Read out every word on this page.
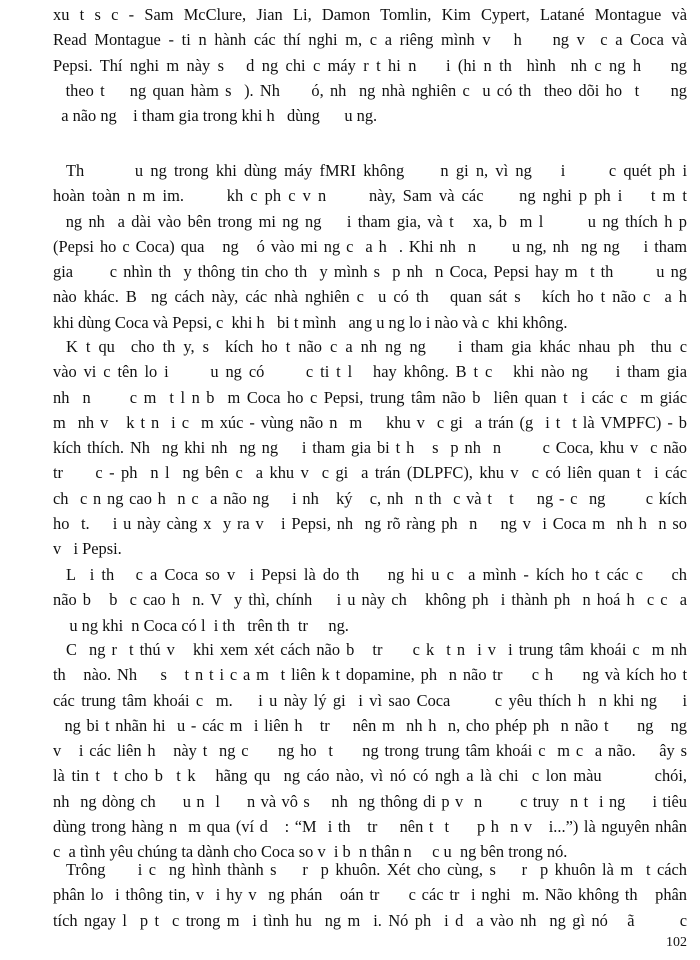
xu t s c - Sam McClure, Jian Li, Damon Tomlin, Kim Cypert, Latané Montague và
Read Montague - ti n hành các thí nghi m, c a riêng mình v   h    ng v  c a Coca và
Pepsi. Thí nghi m này s   d ng chi c máy r t hi n    i (hi n th  hình  nh c ng h    ng
theo t    ng quan hàm s  ). Nh     ó, nh  ng nhà nghiên c  u có th  theo dõi ho  t     ng
a não ng    i tham gia trong khi h   dùng      u ng.
Th       u ng trong khi dùng máy fMRI không     n gi n, vì ng    i      c quét ph i
hoàn toàn n m im.      kh c ph c v n      này, Sam và các     ng nghi p ph i    t m t
ng nh  a dài vào bên trong mi ng ng    i tham gia, và t   xa, b  m l       u ng thích h p
(Pepsi ho c Coca) qua   ng   ó vào mi ng c  a h  . Khi nh  n      u ng, nh  ng ng    i tham
gia      c nhìn th  y thông tin cho th  y mình s  p nh  n Coca, Pepsi hay m  t th       u ng
nào khác. B  ng cách này, các nhà nghiên c  u có th   quan sát s   kích ho t não c  a h
khi dùng Coca và Pepsi, c  khi h   bi t mình   ang u ng lo i nào và c  khi không.
K t qu  cho th y, s  kích ho t não c a nh ng ng    i tham gia khác nhau ph  thu c
vào vi c tên lo i      u ng có      c ti t l   hay không. B t c   khi nào ng    i tham gia
nh  n      c m  t l n b  m Coca ho c Pepsi, trung tâm não b  liên quan t  i các c  m giác
m  nh v   k t n  i c  m xúc - vùng não n  m    khu v  c gi  a trán (g  i t  t là VMPFC) - b
kích thích. Nh  ng khi nh  ng ng    i tham gia bi t h   s  p nh  n       c Coca, khu v  c não
tr     c - ph  n l  ng bên c  a khu v  c gi  a trán (DLPFC), khu v  c có liên quan t  i các
ch  c n ng cao h  n c  a não ng    i nh   ký   c, nh  n th  c và t   t    ng - c  ng       c kích
ho  t.    i u này càng x  y ra v   i Pepsi, nh  ng rõ ràng ph  n    ng v  i Coca m  nh h  n so
v   i Pepsi.
L  i th   c a Coca so v  i Pepsi là do th    ng hi u c  a mình - kích ho t các c    ch
não b   b  c cao h  n. V  y thì, chính    i u này ch   không ph  i thành ph  n hoá h  c c  a
u ng khi  n Coca có l  i th   trên th  tr     ng.
C  ng r  t thú v   khi xem xét cách não b   tr     c k  t n  i v  i trung tâm khoái c  m nh
th   nào. Nh    s   t n t i c a m  t liên k t dopamine, ph  n não tr     c h     ng và kích ho t
các trung tâm khoái c  m.    i u này lý gi  i vì sao Coca       c yêu thích h  n khi ng    i
ng bi t nhãn hi  u - các m  i liên h   tr    nên m  nh h  n, cho phép ph  n não t     ng   ng
v   i các liên h   này t  ng c     ng ho  t     ng trong trung tâm khoái c  m c  a não.    ây s
là tin t  t cho b  t k   hãng qu  ng cáo nào, vì nó có ngh a là chi  c lon màu        chói,
nh  ng dòng ch     u n  l     n và vô s    nh  ng thông di p v  n       c truy  n t  i ng     i tiêu
dùng trong hàng n  m qua (ví d   : “M  i th   tr    nên t  t     p h  n v   i...”) là nguyên nhân
c  a tình yêu chúng ta dành cho Coca so v  i b  n thân n     c u  ng bên trong nó.
Trông     i c  ng hình thành s    r  p khuôn. Xét cho cùng, s    r  p khuôn là m  t cách
phân lo  i thông tin, v  i hy v  ng phán   oán tr     c các tr  i nghi  m. Não không th   phân
tích ngay l  p t  c trong m  i tình hu  ng m  i. Nó ph  i d  a vào nh  ng gì nó   ã       c
102
